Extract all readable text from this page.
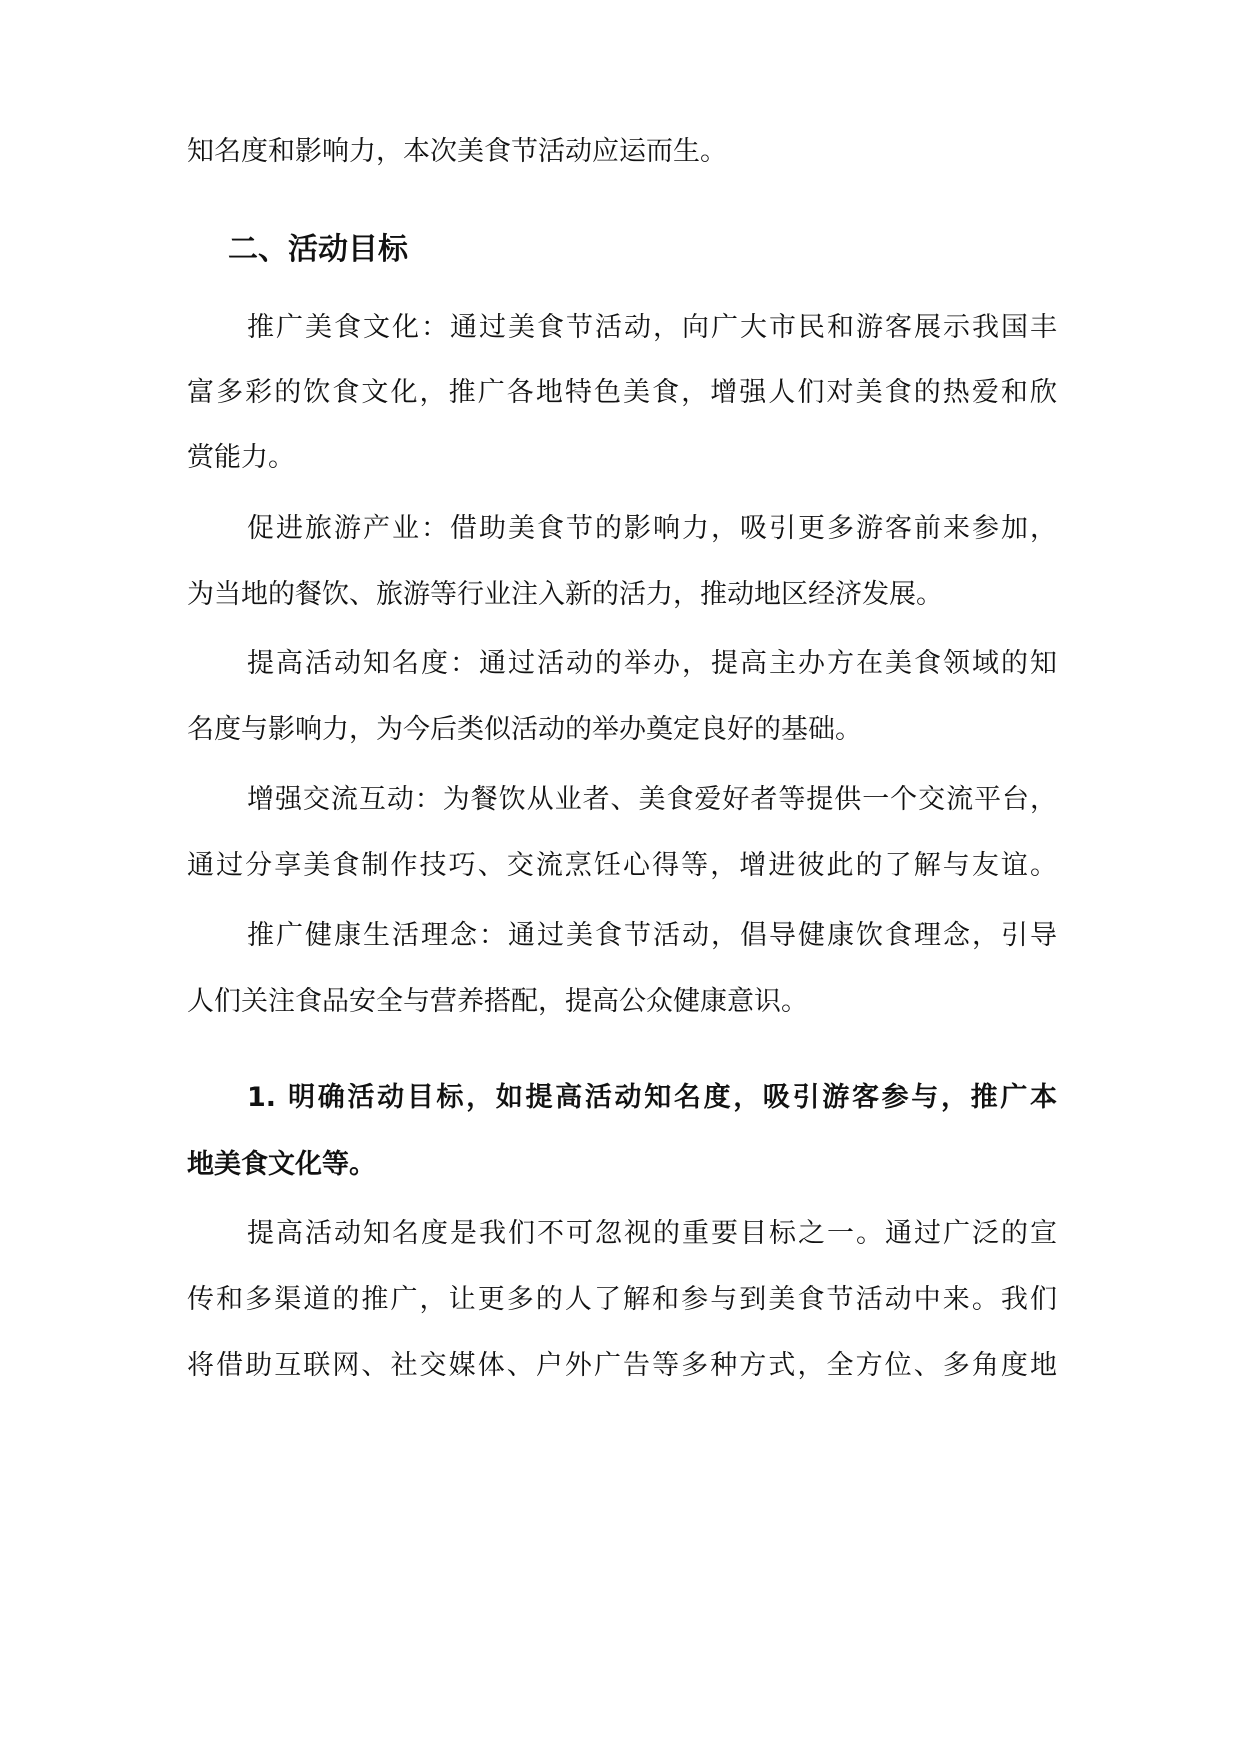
知名度和影响力，本次美食节活动应运而生。
二、活动目标
推广美食文化：通过美食节活动，向广大市民和游客展示我国丰
富多彩的饮食文化，推广各地特色美食，增强人们对美食的热爱和欣
赏能力。
促进旅游产业：借助美食节的影响力，吸引更多游客前来参加，
为当地的餐饮、旅游等行业注入新的活力，推动地区经济发展。
提高活动知名度：通过活动的举办，提高主办方在美食领域的知
名度与影响力，为今后类似活动的举办奠定良好的基础。
增强交流互动：为餐饮从业者、美食爱好者等提供一个交流平台，
通过分享美食制作技巧、交流烹饪心得等，增进彼此的了解与友谊。
推广健康生活理念：通过美食节活动，倡导健康饮食理念，引导
人们关注食品安全与营养搭配，提高公众健康意识。
1. 明确活动目标，如提高活动知名度，吸引游客参与，推广本
地美食文化等。
提高活动知名度是我们不可忽视的重要目标之一。通过广泛的宣
传和多渠道的推广，让更多的人了解和参与到美食节活动中来。我们
将借助互联网、社交媒体、户外广告等多种方式，全方位、多角度地
